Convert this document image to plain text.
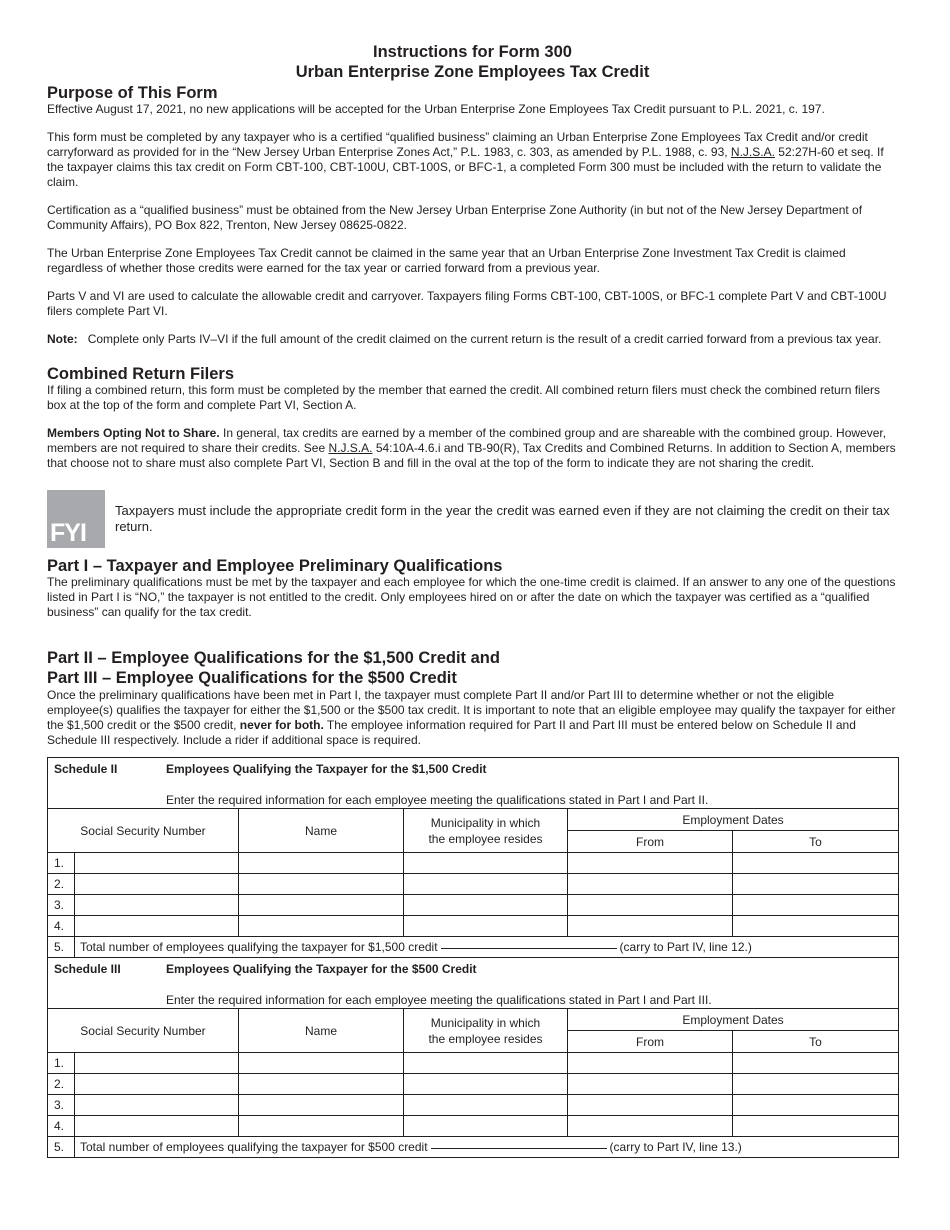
Instructions for Form 300

Urban Enterprise Zone Employees Tax Credit

Purpose of This Form

Effective August 17, 2021, no new applications will be accepted for the Urban Enterprise Zone Employees Tax Credit pursuant to P.L. 2021, c. 197.

This form must be completed by any taxpayer who is a certified “qualified business” claiming an Urban Enterprise Zone Employees Tax Credit and/or credit carryforward as provided for in the “New Jersey Urban Enterprise Zones Act,” P.L. 1983, c. 303, as amended by P.L. 1988, c. 93, N.J.S.A. 52:27H-60 et seq. If the taxpayer claims this tax credit on Form CBT-100, CBT-100U, CBT-100S, or BFC-1, a completed Form 300 must be included with the return to validate the claim.

Certification as a “qualified business” must be obtained from the New Jersey Urban Enterprise Zone Authority (in but not of the New Jersey Department of Community Affairs), PO Box 822, Trenton, New Jersey 08625-0822.

The Urban Enterprise Zone Employees Tax Credit cannot be claimed in the same year that an Urban Enterprise Zone Investment Tax Credit is claimed regardless of whether those credits were earned for the tax year or carried forward from a previous year.

Parts V and VI are used to calculate the allowable credit and carryover. Taxpayers filing Forms CBT-100, CBT-100S, or BFC-1 complete Part V and CBT-100U filers complete Part VI.

Note: Complete only Parts IV–VI if the full amount of the credit claimed on the current return is the result of a credit carried forward from a previous tax year.

Combined Return Filers

If filing a combined return, this form must be completed by the member that earned the credit. All combined return filers must check the combined return filers box at the top of the form and complete Part VI, Section A.

Members Opting Not to Share. In general, tax credits are earned by a member of the combined group and are shareable with the combined group. However, members are not required to share their credits. See N.J.S.A. 54:10A-4.6.i and TB-90(R), Tax Credits and Combined Returns. In addition to Section A, members that choose not to share must also complete Part VI, Section B and fill in the oval at the top of the form to indicate they are not sharing the credit.

FYI
Taxpayers must include the appropriate credit form in the year the credit was earned even if they are not claiming the credit on their tax return.
Part I – Taxpayer and Employee Preliminary Qualifications

The preliminary qualifications must be met by the taxpayer and each employee for which the one-time credit is claimed. If an answer to any one of the questions listed in Part I is “NO,” the taxpayer is not entitled to the credit. Only employees hired on or after the date on which the taxpayer was certified as a “qualified business” can qualify for the tax credit.

Part II – Employee Qualifications for the $1,500 Credit and
Part III – Employee Qualifications for the $500 Credit

Once the preliminary qualifications have been met in Part I, the taxpayer must complete Part II and/or Part III to determine whether or not the eligible employee(s) qualifies the taxpayer for either the $1,500 or the $500 tax credit. It is important to note that an eligible employee may qualify the taxpayer for either the $1,500 credit or the $500 credit, never for both. The employee information required for Part II and Part III must be entered below on Schedule II and Schedule III respectively. Include a rider if additional space is required.

Schedule II Employees Qualifying the Taxpayer for the $1,500 Credit
Enter the required information for each employee meeting the qualifications stated in Part I and Part II.					

Social Security Number		Name	Municipality in which
the employee resides	Employment Dates	
				From	To
1.					
2.					
3.					
4.					
5.	Total number of employees qualifying the taxpayer for $1,500 credit (carry to Part IV, line 12.)				

Schedule III Employees Qualifying the Taxpayer for the $500 Credit
Enter the required information for each employee meeting the qualifications stated in Part I and Part III.					

Social Security Number		Name	Municipality in which
the employee resides	Employment Dates	
				From	To
1.					
2.					
3.					
4.					
5.	Total number of employees qualifying the taxpayer for $500 credit (carry to Part IV, line 13.)				
